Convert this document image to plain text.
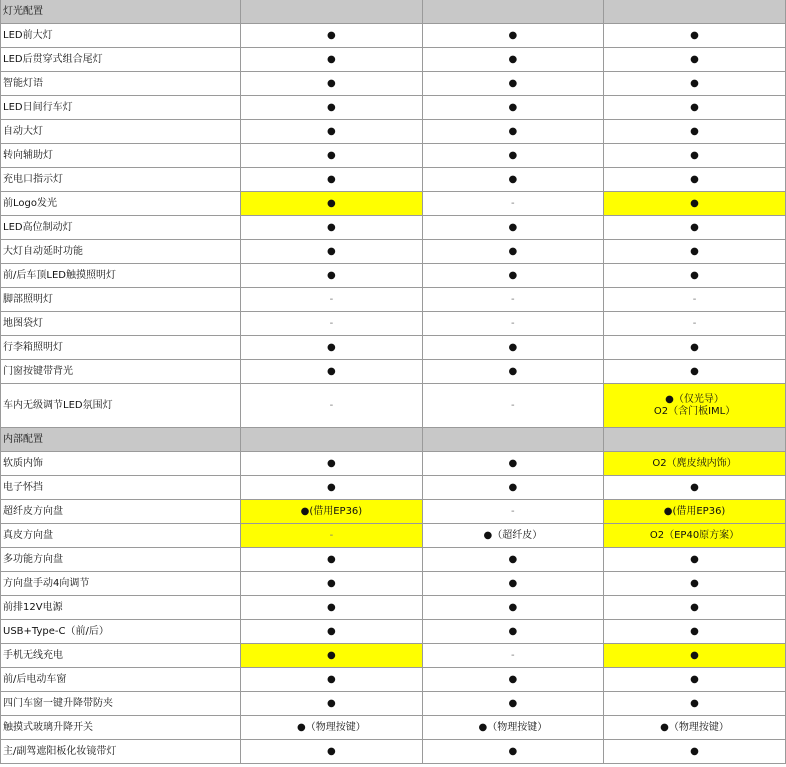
灯光配置	

LED前大灯	●	●	●

LED后贯穿式组合尾灯	●	●	●

智能灯语	●	●	●

LED日间行车灯	●	●	●

自动大灯	●	●	●

转向辅助灯	●	●	●

充电口指示灯	●	●	●

前Logo发光	●	-	●

LED高位制动灯	●	●	●

大灯自动延时功能	●	●	●

前/后车顶LED触摸照明灯	●	●	●

脚部照明灯	-	-	-

地图袋灯	-	-	-

行李箱照明灯	●	●	●

门窗按键带背光	●	●	●

车内无级调节LED氛围灯	-	-	●（仅光导）
O2（含门板IML）

内部配置	

软质内饰	●	●	O2（麂皮绒内饰）

电子怀挡	●	●	●

超纤皮方向盘	●(借用EP36)	-	●(借用EP36)

真皮方向盘	-	●（超纤皮）	O2（EP40原方案）

多功能方向盘	●	●	●

方向盘手动4向调节	●	●	●

前排12V电源	●	●	●

USB+Type-C（前/后）	●	●	●

手机无线充电	●	-	●

前/后电动车窗	●	●	●

四门车窗一键升降带防夹	●	●	●

触摸式玻璃升降开关	●（物理按键）	●（物理按键）	●（物理按键）

主/副驾遮阳板化妆镜带灯	●	●	●
